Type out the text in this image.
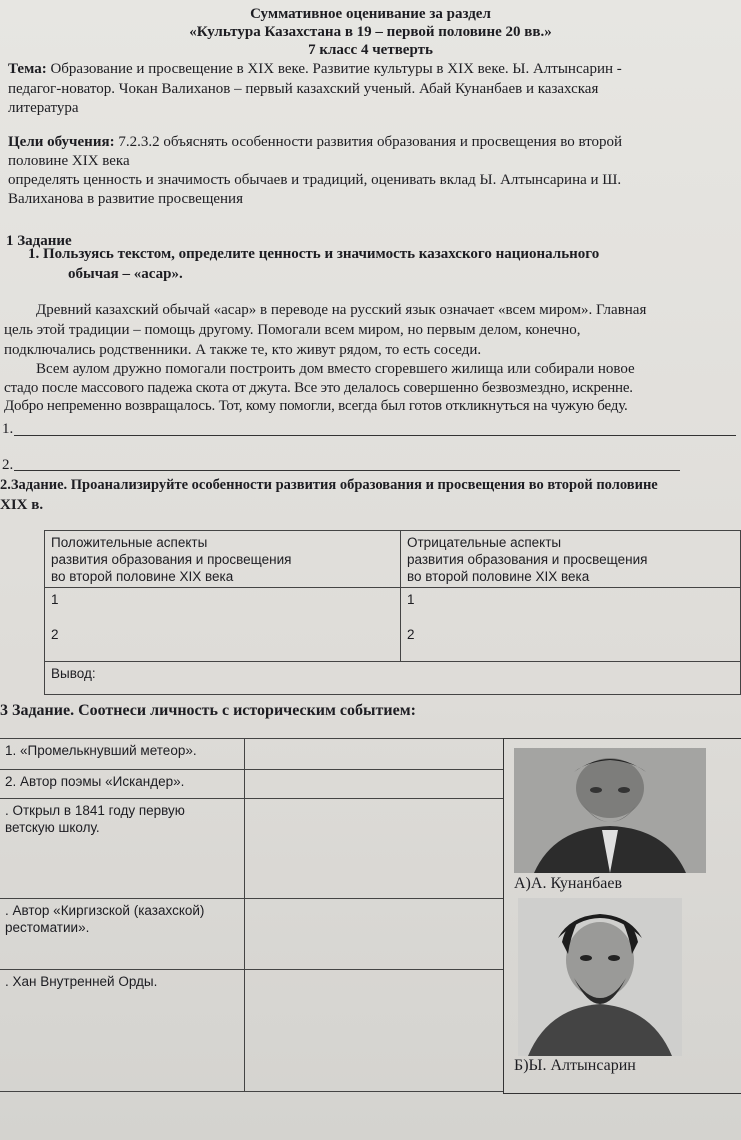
Суммативное оценивание за раздел
«Культура Казахстана в 19 – первой половине 20 вв.»
7 класс 4 четверть
Тема: Образование и просвещение в XIX веке. Развитие культуры в XIX веке. Ы. Алтынсарин -
педагог-новатор. Чокан Валиханов – первый казахский ученый. Абай Кунанбаев и казахская
литература
Цели обучения: 7.2.3.2 объяснять особенности развития образования и просвещения во второй
половине XIX века
определять ценность и значимость обычаев и традиций, оценивать вклад Ы. Алтынсарина и Ш.
Валиханова в развитие просвещения
1 Задание
1. Пользуясь текстом, определите ценность и значимость казахского национального
обычая – «асар».
Древний казахский обычай «асар» в переводе на русский язык означает «всем миром». Главная
цель этой традиции – помощь другому. Помогали всем миром, но первым делом, конечно,
подключались родственники. А также те, кто живут рядом, то есть соседи.
Всем аулом дружно помогали построить дом вместо сгоревшего жилища или собирали новое
стадо после массового падежа скота от джута. Все это делалось совершенно безвозмездно, искренне.
Добро непременно возвращалось. Тот, кому помогли, всегда был готов откликнуться на чужую беду.
1.
2.
2.Задание. Проанализируйте особенности развития образования и просвещения во второй половине
XIX в.
Положительные аспекты
развития образования и просвещения
во второй половине XIX века
Отрицательные аспекты
развития образования и просвещения
во второй половине XIX века
1
2
1
2
Вывод:
3 Задание. Соотнеси личность с историческим событием:
1. «Промелькнувший метеор».
2. Автор поэмы «Искандер».
. Открыл в 1841 году первую
ветскую школу.
. Автор «Киргизской (казахской)
рестоматии».
. Хан Внутренней Орды.
А)А. Кунанбаев
Б)Ы. Алтынсарин
